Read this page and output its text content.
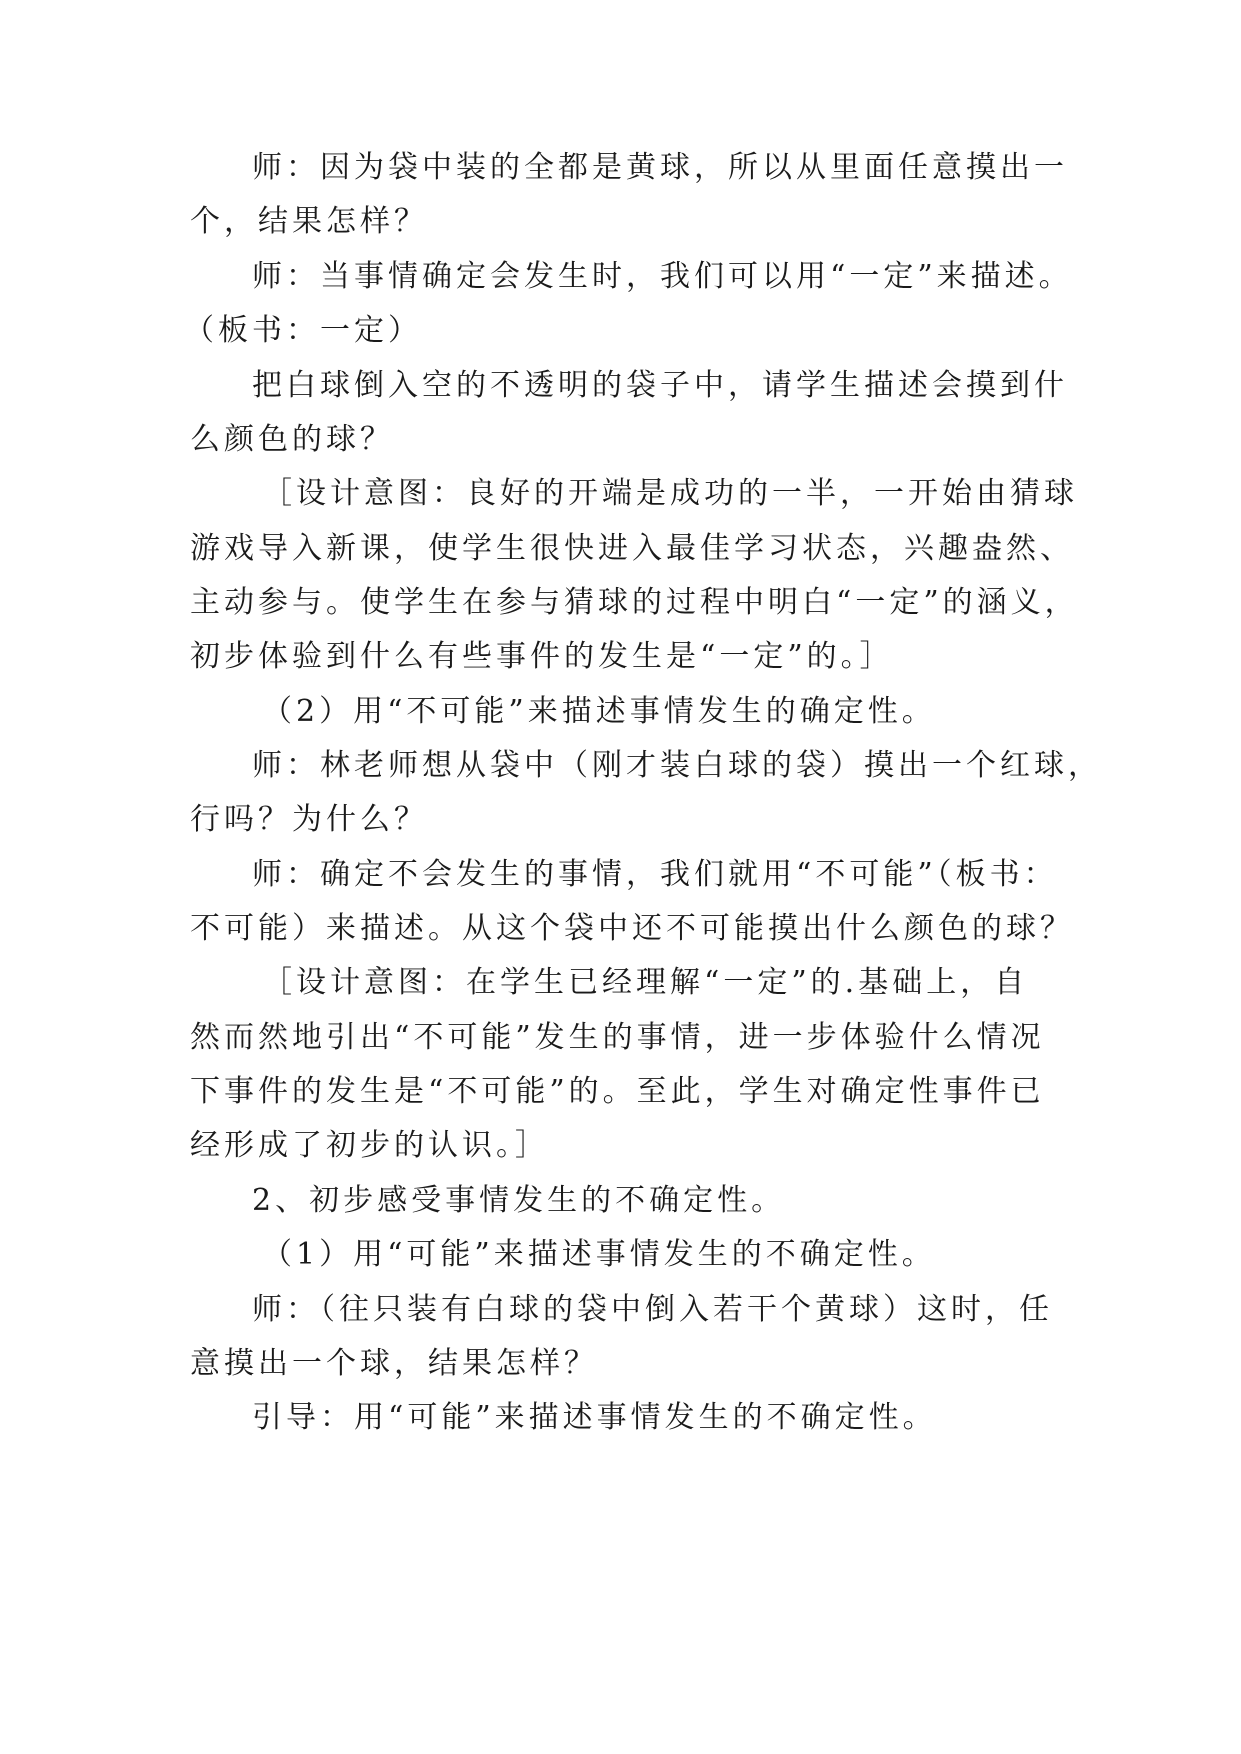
师：因为袋中装的全都是黄球，所以从里面任意摸出一
个，结果怎样？
师：当事情确定会发生时，我们可以用“一定”来描述。
（板书：一定）
把白球倒入空的不透明的袋子中，请学生描述会摸到什
么颜色的球？
［设计意图：良好的开端是成功的一半，一开始由猜球
游戏导入新课，使学生很快进入最佳学习状态，兴趣盎然、
主动参与。使学生在参与猜球的过程中明白“一定”的涵义，
初步体验到什么有些事件的发生是“一定”的。］
（2）用“不可能”来描述事情发生的确定性。
师：林老师想从袋中（刚才装白球的袋）摸出一个红球，
行吗？为什么？
师：确定不会发生的事情，我们就用“不可能”（板书：
不可能）来描述。从这个袋中还不可能摸出什么颜色的球？
［设计意图：在学生已经理解“一定”的.基础上，自
然而然地引出“不可能”发生的事情，进一步体验什么情况
下事件的发生是“不可能”的。至此，学生对确定性事件已
经形成了初步的认识。］
2、初步感受事情发生的不确定性。
（1）用“可能”来描述事情发生的不确定性。
师：（往只装有白球的袋中倒入若干个黄球）这时，任
意摸出一个球，结果怎样？
引导：用“可能”来描述事情发生的不确定性。
